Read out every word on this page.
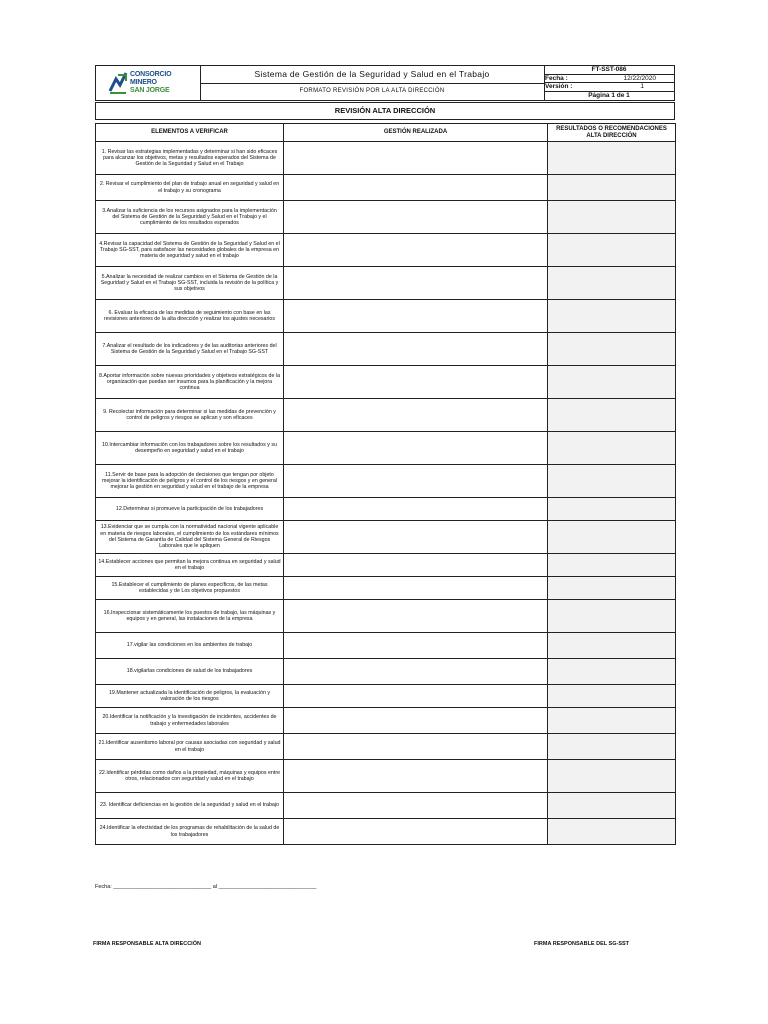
CONSORCIO
MINERO
SAN JORGE
Sistema de Gestión de la Seguridad y Salud en el Trabajo
FORMATO REVISIÓN POR LA ALTA DIRECCIÓN
FT-SST-086
Fecha :	12/22/2020
Versión :	1
Página 1 de 1
REVISIÓN ALTA DIRECCIÓN
ELEMENTOS A VERIFICAR	GESTIÓN REALIZADA	RESULTADOS O RECOMENDACIONES ALTA DIRECCIÓN
1. Revisar las estrategias implementadas y determinar si han sido eficaces para alcanzar los objetivos, metas y resultados esperados del Sistema de Gestión de la Seguridad y Salud en el Trabajo		
2. Revisar el cumplimiento del plan de trabajo anual en seguridad y salud en el trabajo y su cronograma		
3.Analizar la suficiencia de los recursos asignados para la implementación del Sistema de Gestión de la Seguridad y Salud en el Trabajo y el cumplimiento de los resultados esperados		
4.Revisar la capacidad del Sistema de Gestión de la Seguridad y Salud en el Trabajo SG-SST, para satisfacer las necesidades globales de la empresa en materia de seguridad y salud en el trabajo		
5.Analizar la necesidad de realizar cambios en el Sistema de Gestión de la Seguridad y Salud en el Trabajo SG-SST, incluida la revisión de la política y sus objetivos		
6. Evaluar la eficacia de las medidas de seguimiento con base en las revisiones anteriores de la alta dirección y realizar los ajustes necesarios		
7.Analizar el resultado de los indicadores y de las auditorias anteriores del Sistema de Gestión de la Seguridad y Salud en el Trabajo SG-SST		
8.Aportar información sobre nuevas prioridades y objetivos estratégicos de la organización que puedan ser insumos para la planificación y la mejora continua		
9. Recolectar información para determinar si las medidas de prevención y control de peligros y riesgos se aplican y son eficaces		
10.Intercambiar información con los trabajadores sobre los resultados y su desempeño en seguridad y salud en el trabajo		
11.Servir de base para la adopción de decisiones que tengan por objeto mejorar la identificación de peligros y el control de los riesgos y en general mejorar la gestión en seguridad y salud en el trabajo de la empresa		
12.Determinar si promueve la participación de los trabajadores		
13.Evidenciar que se cumpla con la normatividad nacional vigente aplicable en materia de riesgos laborales, el cumplimiento de los estándares mínimos del Sistema de Garantía de Calidad del Sistema General de Riesgos Laborales que le apliquen		
14.Establecer acciones que permitan la mejora continua en seguridad y salud en el trabajo		
15.Establecer el cumplimiento de planes específicos, de las metas establecidas y de Los objetivos propuestos		
16.Inspeccionar sistemáticamente los puestos de trabajo, las máquinas y equipos y en general, las instalaciones de la empresa		
17.vigilar las condiciones en los ambientes de trabajo		
18.vigilarlas condiciones de salud de los trabajadores		
19.Mantener actualizada la identificación de peligros, la evaluación y valoración de los riesgos		
20.Identificar la notificación y la investigación de incidentes, accidentes de trabajo y enfermedades laborales		
21.Identificar ausentismo laboral por causas asociadas con seguridad y salud en el trabajo		
22.Identificar pérdidas como daños a la propiedad, máquinas y equipos entre otros, relacionados con seguridad y salud en el trabajo		
23. Identificar deficiencias en la gestión de la seguridad y salud en el trabajo		
24.Identificar la efectividad de los programas de rehabilitación de la salud de los trabajadores		
Fecha: ________________________________ al ________________________________
FIRMA RESPONSABLE ALTA DIRECCIÓN	FIRMA RESPONSABLE DEL SG-SST
